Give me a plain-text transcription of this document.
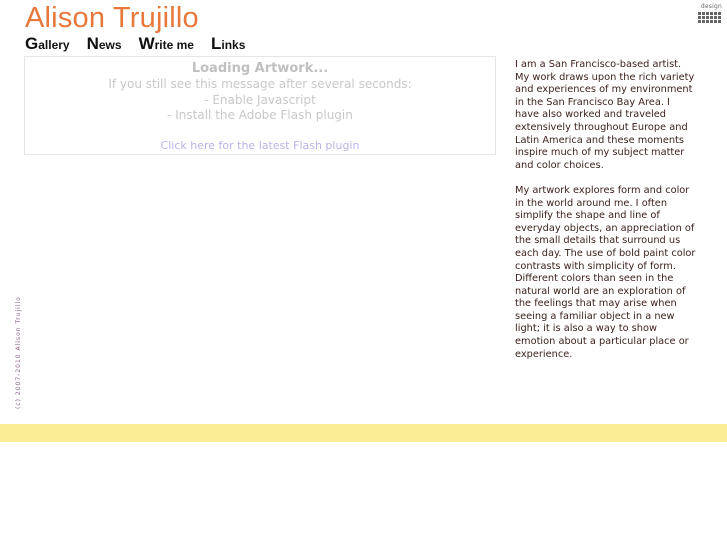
Alison Trujillo
Gallery News Write me Links
design
Loading Artwork...
If you still see this message after several seconds:
- Enable Javascript
- Install the Adobe Flash plugin
Click here for the latest Flash plugin

I am a San Francisco-based artist. My work draws upon the rich variety and experiences of my environment in the San Francisco Bay Area. I have also worked and traveled extensively throughout Europe and Latin America and these moments inspire much of my subject matter and color choices.

My artwork explores form and color in the world around me. I often simplify the shape and line of everyday objects, an appreciation of the small details that surround us each day. The use of bold paint color contrasts with simplicity of form. Different colors than seen in the natural world are an exploration of the feelings that may arise when seeing a familiar object in a new light; it is also a way to show emotion about a particular place or experience.

(c) 2007-2010 Alison Trujillo
